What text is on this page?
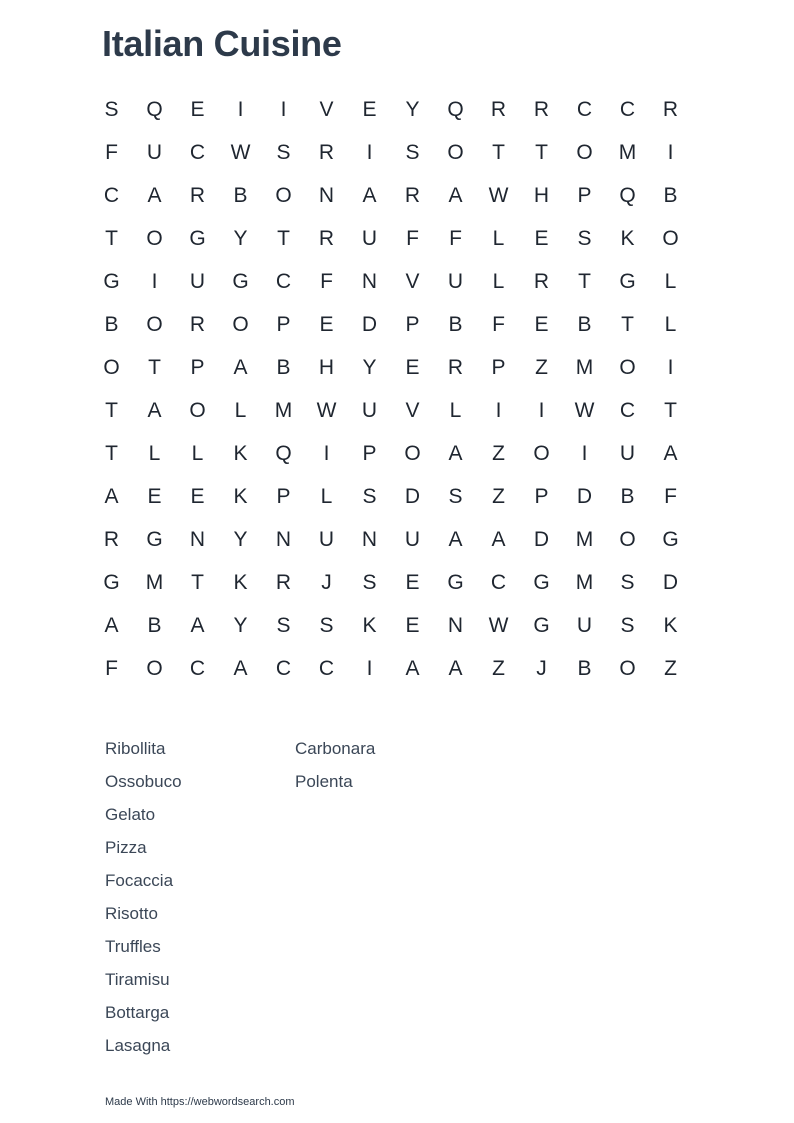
Italian Cuisine
S	Q	E	I	I	V	E	Y	Q	R	R	C	C	R
F	U	C	W	S	R	I	S	O	T	T	O	M	I
C	A	R	B	O	N	A	R	A	W	H	P	Q	B
T	O	G	Y	T	R	U	F	F	L	E	S	K	O
G	I	U	G	C	F	N	V	U	L	R	T	G	L
B	O	R	O	P	E	D	P	B	F	E	B	T	L
O	T	P	A	B	H	Y	E	R	P	Z	M	O	I
T	A	O	L	M	W	U	V	L	I	I	W	C	T
T	L	L	K	Q	I	P	O	A	Z	O	I	U	A
A	E	E	K	P	L	S	D	S	Z	P	D	B	F
R	G	N	Y	N	U	N	U	A	A	D	M	O	G
G	M	T	K	R	J	S	E	G	C	G	M	S	D
A	B	A	Y	S	S	K	E	N	W	G	U	S	K
F	O	C	A	C	C	I	A	A	Z	J	B	O	Z
Ribollita
Ossobuco
Gelato
Pizza
Focaccia
Risotto
Truffles
Tiramisu
Bottarga
Lasagna
Carbonara
Polenta
Made With https://webwordsearch.com
